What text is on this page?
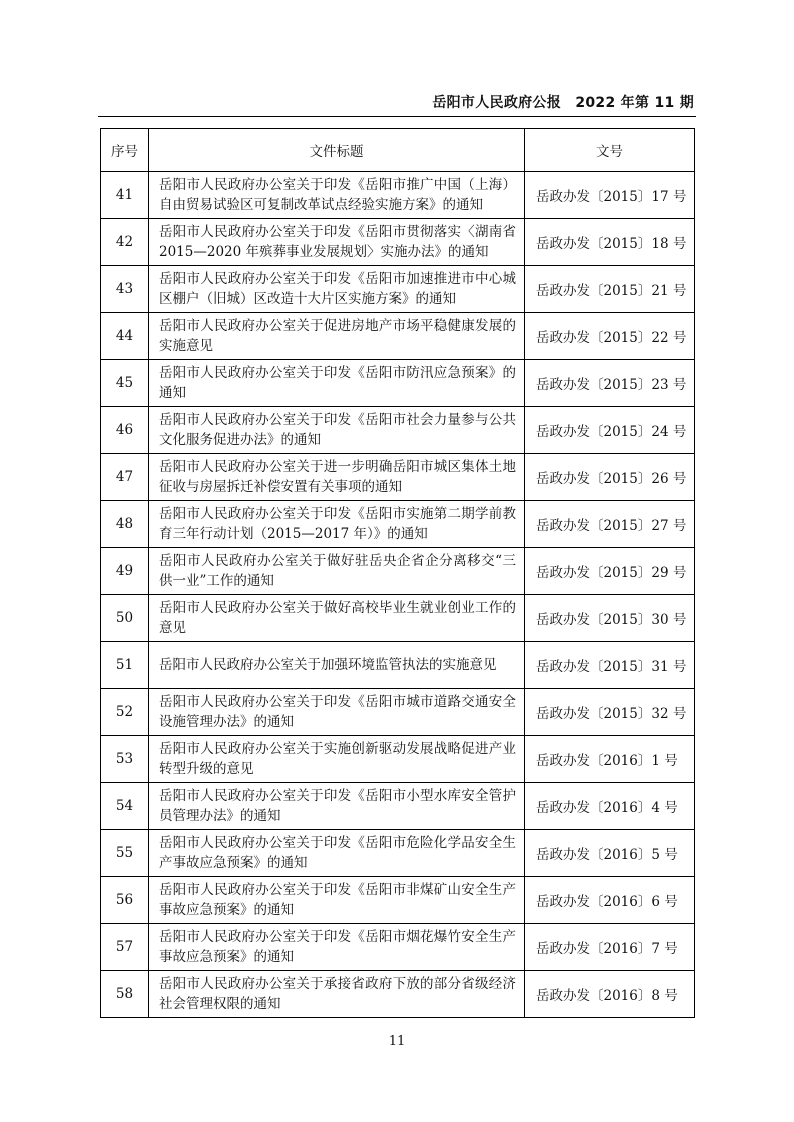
岳阳市人民政府公报　2022 年第 11 期
序号	文件标题	文号
41	岳阳市人民政府办公室关于印发《岳阳市推广中国（上海）自由贸易试验区可复制改革试点经验实施方案》的通知	岳政办发〔2015〕17 号
42	岳阳市人民政府办公室关于印发《岳阳市贯彻落实〈湖南省 2015—2020 年殡葬事业发展规划〉实施办法》的通知	岳政办发〔2015〕18 号
43	岳阳市人民政府办公室关于印发《岳阳市加速推进市中心城区棚户（旧城）区改造十大片区实施方案》的通知	岳政办发〔2015〕21 号
44	岳阳市人民政府办公室关于促进房地产市场平稳健康发展的实施意见	岳政办发〔2015〕22 号
45	岳阳市人民政府办公室关于印发《岳阳市防汛应急预案》的通知	岳政办发〔2015〕23 号
46	岳阳市人民政府办公室关于印发《岳阳市社会力量参与公共文化服务促进办法》的通知	岳政办发〔2015〕24 号
47	岳阳市人民政府办公室关于进一步明确岳阳市城区集体土地征收与房屋拆迁补偿安置有关事项的通知	岳政办发〔2015〕26 号
48	岳阳市人民政府办公室关于印发《岳阳市实施第二期学前教育三年行动计划（2015—2017 年）》的通知	岳政办发〔2015〕27 号
49	岳阳市人民政府办公室关于做好驻岳央企省企分离移交“三供一业”工作的通知	岳政办发〔2015〕29 号
50	岳阳市人民政府办公室关于做好高校毕业生就业创业工作的意见	岳政办发〔2015〕30 号
51	岳阳市人民政府办公室关于加强环境监管执法的实施意见	岳政办发〔2015〕31 号
52	岳阳市人民政府办公室关于印发《岳阳市城市道路交通安全设施管理办法》的通知	岳政办发〔2015〕32 号
53	岳阳市人民政府办公室关于实施创新驱动发展战略促进产业转型升级的意见	岳政办发〔2016〕1 号
54	岳阳市人民政府办公室关于印发《岳阳市小型水库安全管护员管理办法》的通知	岳政办发〔2016〕4 号
55	岳阳市人民政府办公室关于印发《岳阳市危险化学品安全生产事故应急预案》的通知	岳政办发〔2016〕5 号
56	岳阳市人民政府办公室关于印发《岳阳市非煤矿山安全生产事故应急预案》的通知	岳政办发〔2016〕6 号
57	岳阳市人民政府办公室关于印发《岳阳市烟花爆竹安全生产事故应急预案》的通知	岳政办发〔2016〕7 号
58	岳阳市人民政府办公室关于承接省政府下放的部分省级经济社会管理权限的通知	岳政办发〔2016〕8 号
11
